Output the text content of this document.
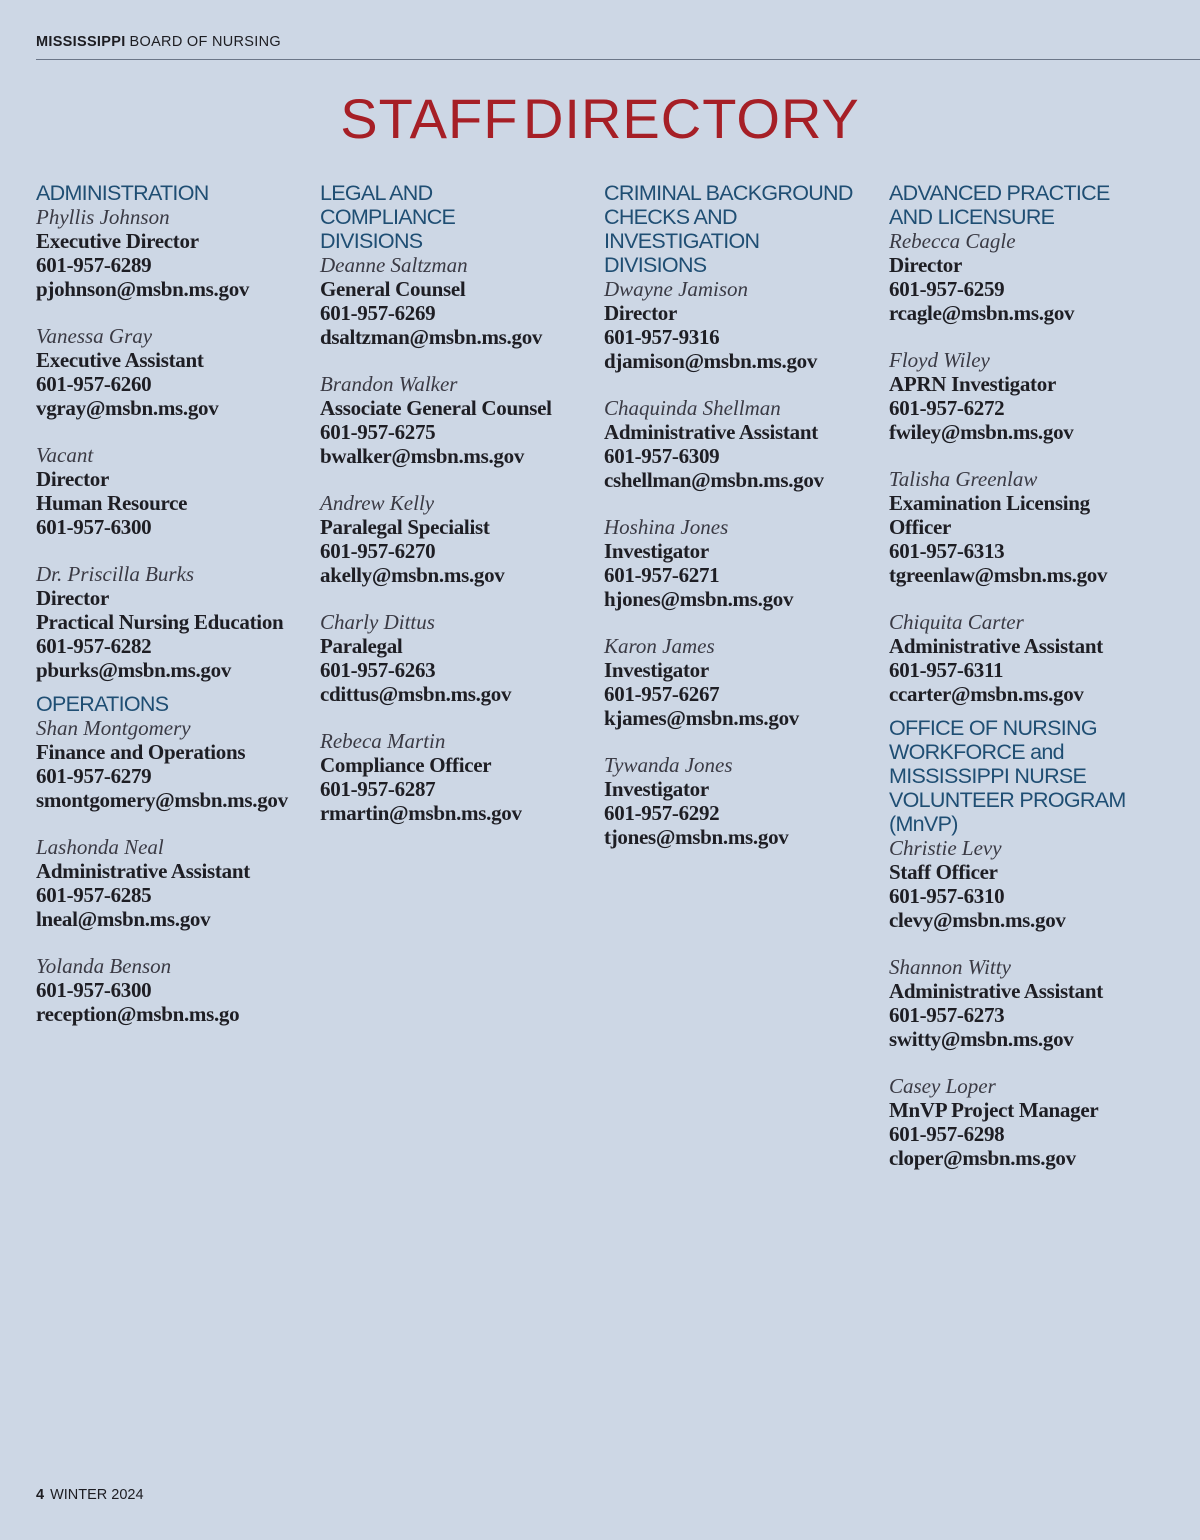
MISSISSIPPI BOARD OF NURSING
STAFF DIRECTORY
ADMINISTRATION
Phyllis Johnson
Executive Director
601-957-6289
pjohnson@msbn.ms.gov
Vanessa Gray
Executive Assistant
601-957-6260
vgray@msbn.ms.gov
Vacant
Director
Human Resource
601-957-6300
Dr. Priscilla Burks
Director
Practical Nursing Education
601-957-6282
pburks@msbn.ms.gov
OPERATIONS
Shan Montgomery
Finance and Operations
601-957-6279
smontgomery@msbn.ms.gov
Lashonda Neal
Administrative Assistant
601-957-6285
lneal@msbn.ms.gov
Yolanda Benson
601-957-6300
reception@msbn.ms.go
LEGAL AND
COMPLIANCE
DIVISIONS
Deanne Saltzman
General Counsel
601-957-6269
dsaltzman@msbn.ms.gov
Brandon Walker
Associate General Counsel
601-957-6275
bwalker@msbn.ms.gov
Andrew Kelly
Paralegal Specialist
601-957-6270
akelly@msbn.ms.gov
Charly Dittus
Paralegal
601-957-6263
cdittus@msbn.ms.gov
Rebeca Martin
Compliance Officer
601-957-6287
rmartin@msbn.ms.gov
CRIMINAL BACKGROUND
CHECKS AND INVESTIGATION
DIVISIONS
Dwayne Jamison
Director
601-957-9316
djamison@msbn.ms.gov
Chaquinda Shellman
Administrative Assistant
601-957-6309
cshellman@msbn.ms.gov
Hoshina Jones
Investigator
601-957-6271
hjones@msbn.ms.gov
Karon James
Investigator
601-957-6267
kjames@msbn.ms.gov
Tywanda Jones
Investigator
601-957-6292
tjones@msbn.ms.gov
ADVANCED PRACTICE
AND LICENSURE
Rebecca Cagle
Director
601-957-6259
rcagle@msbn.ms.gov
Floyd Wiley
APRN Investigator
601-957-6272
fwiley@msbn.ms.gov
Talisha Greenlaw
Examination Licensing
Officer
601-957-6313
tgreenlaw@msbn.ms.gov
Chiquita Carter
Administrative Assistant
601-957-6311
ccarter@msbn.ms.gov
OFFICE OF NURSING
WORKFORCE and
MISSISSIPPI NURSE
VOLUNTEER PROGRAM (MnVP)
Christie Levy
Staff Officer
601-957-6310
clevy@msbn.ms.gov
Shannon Witty
Administrative Assistant
601-957-6273
switty@msbn.ms.gov
Casey Loper
MnVP Project Manager
601-957-6298
cloper@msbn.ms.gov
4 WINTER 2024
